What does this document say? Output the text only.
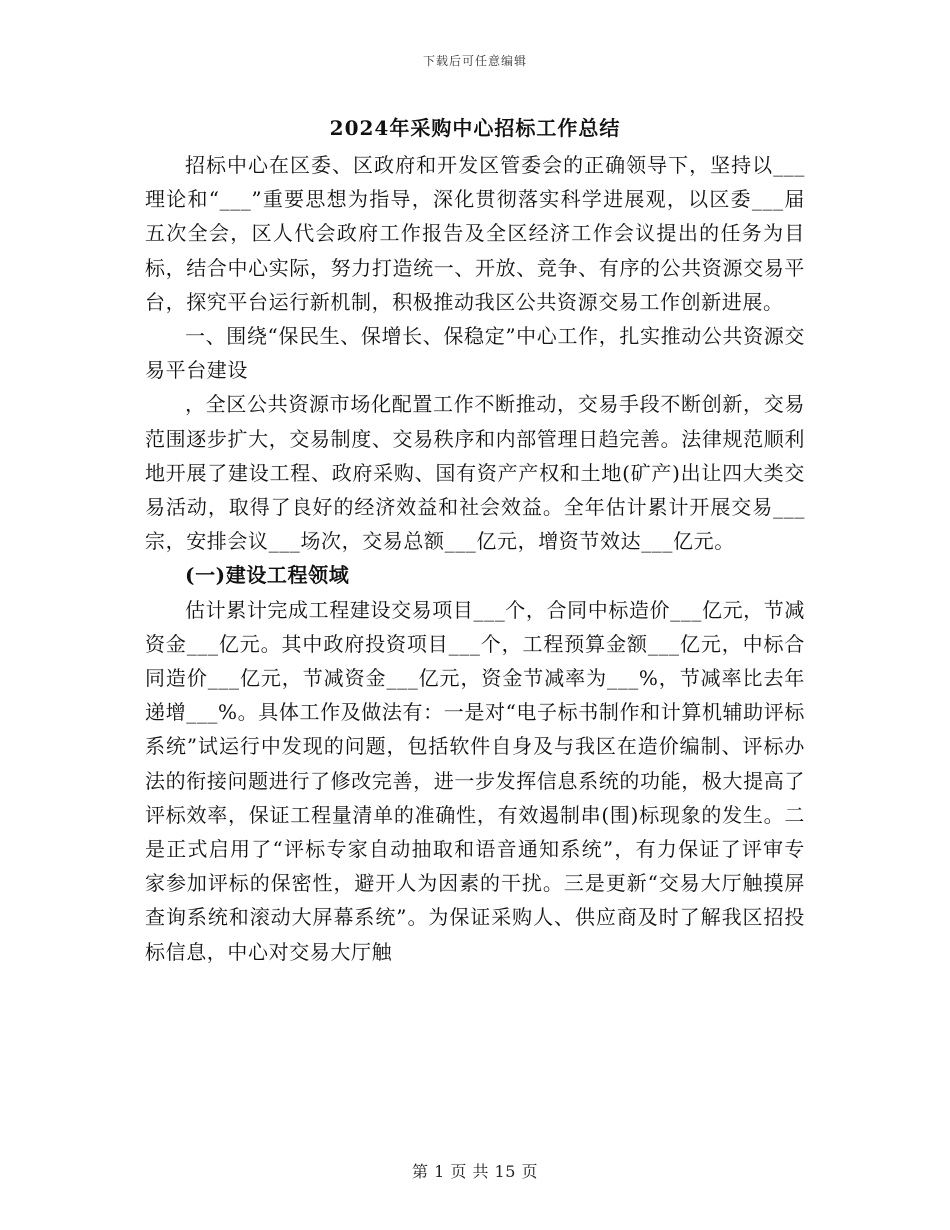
下载后可任意编辑
2024年采购中心招标工作总结

招标中心在区委、区政府和开发区管委会的正确领导下，坚持以___理论和“___”重要思想为指导，深化贯彻落实科学进展观，以区委___届五次全会，区人代会政府工作报告及全区经济工作会议提出的任务为目标，结合中心实际，努力打造统一、开放、竞争、有序的公共资源交易平台，探究平台运行新机制，积极推动我区公共资源交易工作创新进展。

一、围绕“保民生、保增长、保稳定”中心工作，扎实推动公共资源交易平台建设

，全区公共资源市场化配置工作不断推动，交易手段不断创新，交易范围逐步扩大，交易制度、交易秩序和内部管理日趋完善。法律规范顺利地开展了建设工程、政府采购、国有资产产权和土地(矿产)出让四大类交易活动，取得了良好的经济效益和社会效益。全年估计累计开展交易___宗，安排会议___场次，交易总额___亿元，增资节效达___亿元。

(一)建设工程领域

估计累计完成工程建设交易项目___个，合同中标造价___亿元，节减资金___亿元。其中政府投资项目___个，工程预算金额___亿元，中标合同造价___亿元，节减资金___亿元，资金节减率为___%，节减率比去年递增___%。具体工作及做法有：一是对“电子标书制作和计算机辅助评标系统”试运行中发现的问题，包括软件自身及与我区在造价编制、评标办法的衔接问题进行了修改完善，进一步发挥信息系统的功能，极大提高了评标效率，保证工程量清单的准确性，有效遏制串(围)标现象的发生。二是正式启用了“评标专家自动抽取和语音通知系统”，有力保证了评审专家参加评标的保密性，避开人为因素的干扰。三是更新“交易大厅触摸屏查询系统和滚动大屏幕系统”。为保证采购人、供应商及时了解我区招投标信息，中心对交易大厅触

第 1 页 共 15 页
